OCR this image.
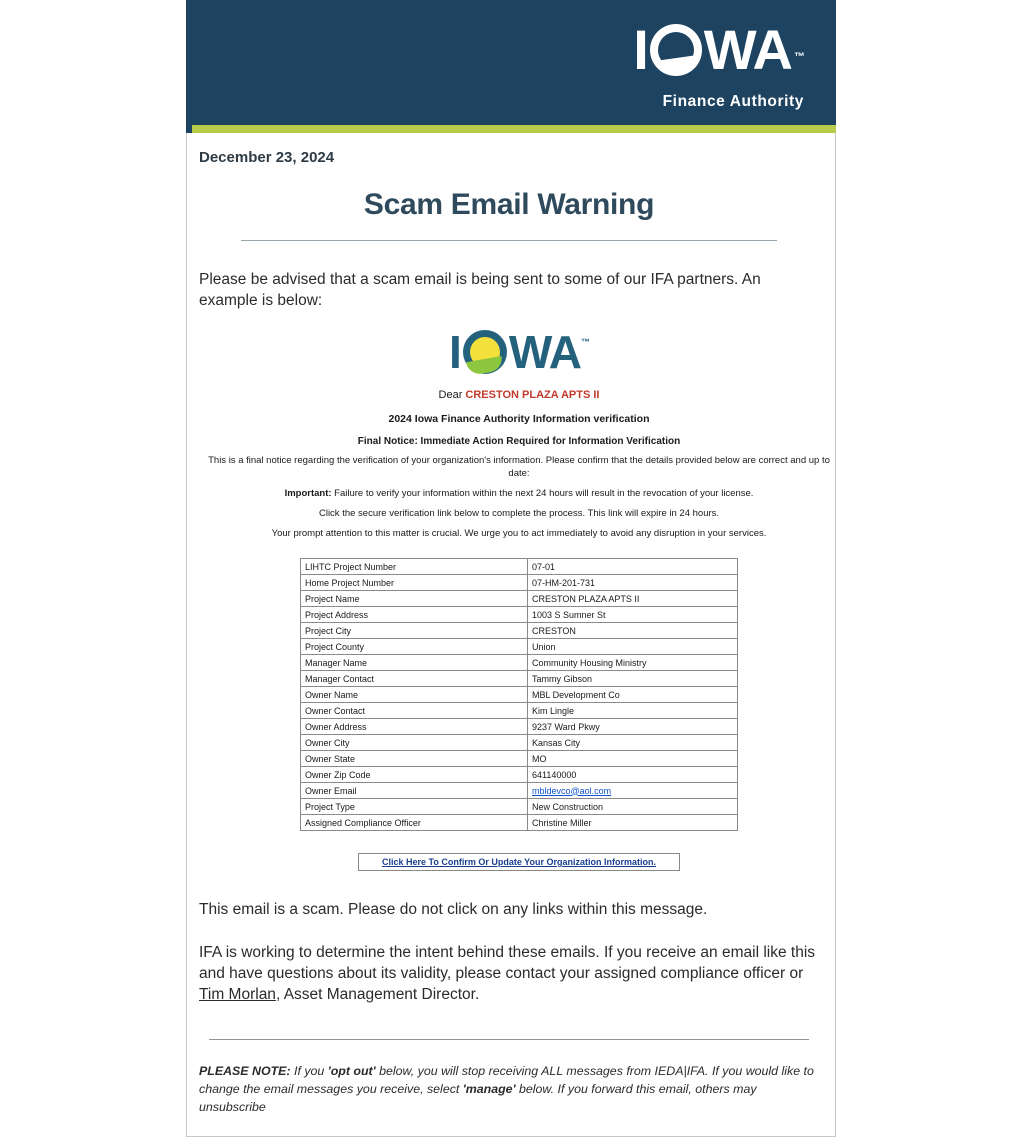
I WA ™
Finance Authority
December 23, 2024
Scam Email Warning
Please be advised that a scam email is being sent to some of our IFA partners. An example is below:
I WA ™
Dear CRESTON PLAZA APTS II
2024 Iowa Finance Authority Information verification
Final Notice: Immediate Action Required for Information Verification
This is a final notice regarding the verification of your organization's information. Please confirm that the details provided below are correct and up to date:
Important: Failure to verify your information within the next 24 hours will result in the revocation of your license.
Click the secure verification link below to complete the process. This link will expire in 24 hours.
Your prompt attention to this matter is crucial. We urge you to act immediately to avoid any disruption in your services.
LIHTC Project Number	07-01
Home Project Number	07-HM-201-731
Project Name	CRESTON PLAZA APTS II
Project Address	1003 S Sumner St
Project City	CRESTON
Project County	Union
Manager Name	Community Housing Ministry
Manager Contact	Tammy Gibson
Owner Name	MBL Development Co
Owner Contact	Kim Lingle
Owner Address	9237 Ward Pkwy
Owner City	Kansas City
Owner State	MO
Owner Zip Code	641140000
Owner Email	mbldevco@aol.com
Project Type	New Construction
Assigned Compliance Officer	Christine Miller
Click Here To Confirm Or Update Your Organization Information.
This email is a scam. Please do not click on any links within this message.
IFA is working to determine the intent behind these emails. If you receive an email like this and have questions about its validity, please contact your assigned compliance officer or Tim Morlan, Asset Management Director.
PLEASE NOTE: If you 'opt out' below, you will stop receiving ALL messages from IEDA|IFA. If you would like to change the email messages you receive, select 'manage' below. If you forward this email, others may unsubscribe
